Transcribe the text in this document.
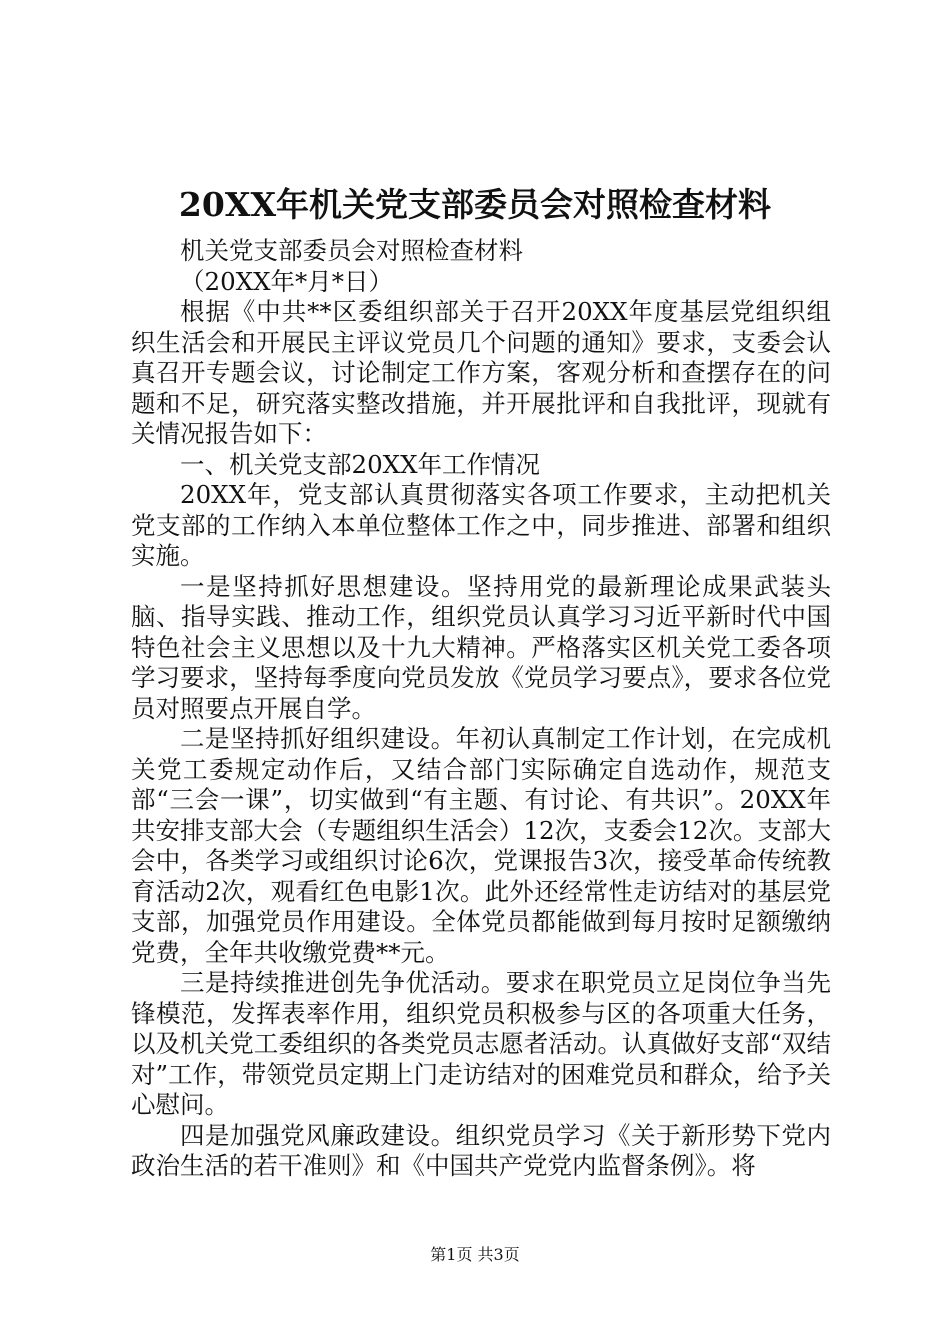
20XX年机关党支部委员会对照检查材料

机关党支部委员会对照检查材料

（20XX年*月*日）

根据《中共**区委组织部关于召开20XX年度基层党组织组织生活会和开展民主评议党员几个问题的通知》要求，支委会认真召开专题会议，讨论制定工作方案，客观分析和查摆存在的问题和不足，研究落实整改措施，并开展批评和自我批评，现就有关情况报告如下：

一、机关党支部20XX年工作情况

20XX年，党支部认真贯彻落实各项工作要求，主动把机关党支部的工作纳入本单位整体工作之中，同步推进、部署和组织实施。

一是坚持抓好思想建设。坚持用党的最新理论成果武装头脑、指导实践、推动工作，组织党员认真学习习近平新时代中国特色社会主义思想以及十九大精神。严格落实区机关党工委各项学习要求，坚持每季度向党员发放《党员学习要点》，要求各位党员对照要点开展自学。

二是坚持抓好组织建设。年初认真制定工作计划，在完成机关党工委规定动作后，又结合部门实际确定自选动作，规范支部“三会一课”，切实做到“有主题、有讨论、有共识”。20XX年共安排支部大会（专题组织生活会）12次，支委会12次。支部大会中，各类学习或组织讨论6次，党课报告3次，接受革命传统教育活动2次，观看红色电影1次。此外还经常性走访结对的基层党支部，加强党员作用建设。全体党员都能做到每月按时足额缴纳党费，全年共收缴党费**元。

三是持续推进创先争优活动。要求在职党员立足岗位争当先锋模范，发挥表率作用，组织党员积极参与区的各项重大任务，以及机关党工委组织的各类党员志愿者活动。认真做好支部“双结对”工作，带领党员定期上门走访结对的困难党员和群众，给予关心慰问。

四是加强党风廉政建设。组织党员学习《关于新形势下党内政治生活的若干准则》和《中国共产党党内监督条例》。将

第1页 共3页
